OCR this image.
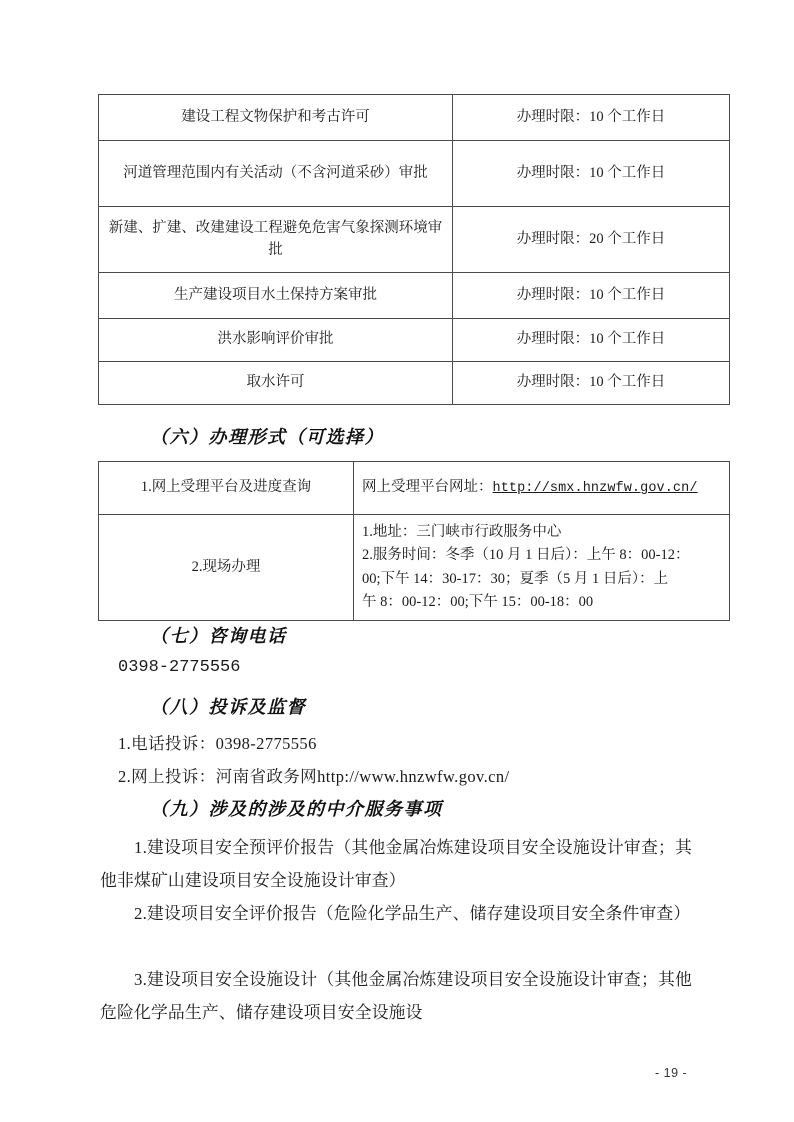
建设工程文物保护和考古许可	办理时限：10 个工作日
河道管理范围内有关活动（不含河道采砂）审批	办理时限：10 个工作日
新建、扩建、改建建设工程避免危害气象探测环境审批	办理时限：20 个工作日
生产建设项目水土保持方案审批	办理时限：10 个工作日
洪水影响评价审批	办理时限：10 个工作日
取水许可	办理时限：10 个工作日
（六）办理形式（可选择）
1.网上受理平台及进度查询	网上受理平台网址：http://smx.hnzwfw.gov.cn/
2.现场办理	1.地址：三门峡市行政服务中心
2.服务时间：冬季（10 月 1 日后）：上午 8：00-12：
00;下午 14：30-17：30；夏季（5 月 1 日后）：上
午 8：00-12：00;下午 15：00-18：00
（七）咨询电话
0398-2775556
（八）投诉及监督
1.电话投诉：0398-2775556
2.网上投诉：河南省政务网http://www.hnzwfw.gov.cn/
（九）涉及的涉及的中介服务事项
1.建设项目安全预评价报告（其他金属冶炼建设项目安全设施设计审查；其他非煤矿山建设项目安全设施设计审查）
2.建设项目安全评价报告（危险化学品生产、储存建设项目安全条件审查）
3.建设项目安全设施设计（其他金属冶炼建设项目安全设施设计审查；其他危险化学品生产、储存建设项目安全设施设
- 19 -
